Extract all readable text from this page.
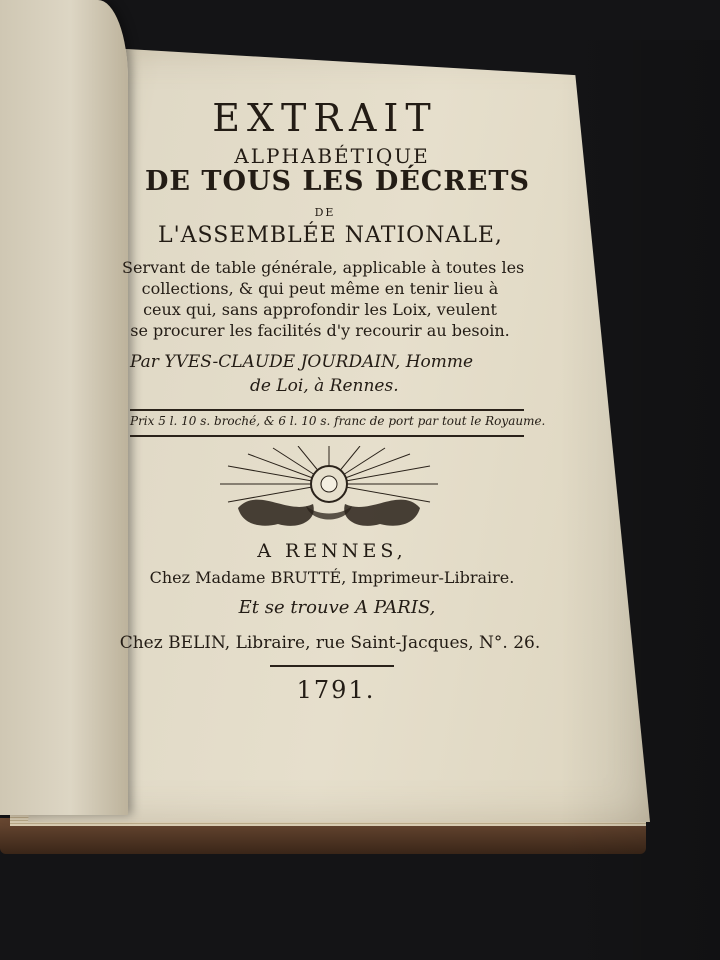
EXTRAIT
ALPHABÉTIQUE
DE TOUS LES DÉCRETS
DE
L'ASSEMBLÉE NATIONALE,
Servant de table générale, applicable à toutes les
collections, & qui peut même en tenir lieu à
ceux qui, sans approfondir les Loix, veulent
se procurer les facilités d'y recourir au besoin.
Par YVES-CLAUDE JOURDAIN, Homme
de Loi, à Rennes.
Prix 5 l. 10 s. broché, & 6 l. 10 s. franc de port par tout le Royaume.
A RENNES,
Chez Madame BRUTTÉ, Imprimeur-Libraire.
Et se trouve A PARIS,
Chez BELIN, Libraire, rue Saint-Jacques, N°. 26.
1791.
